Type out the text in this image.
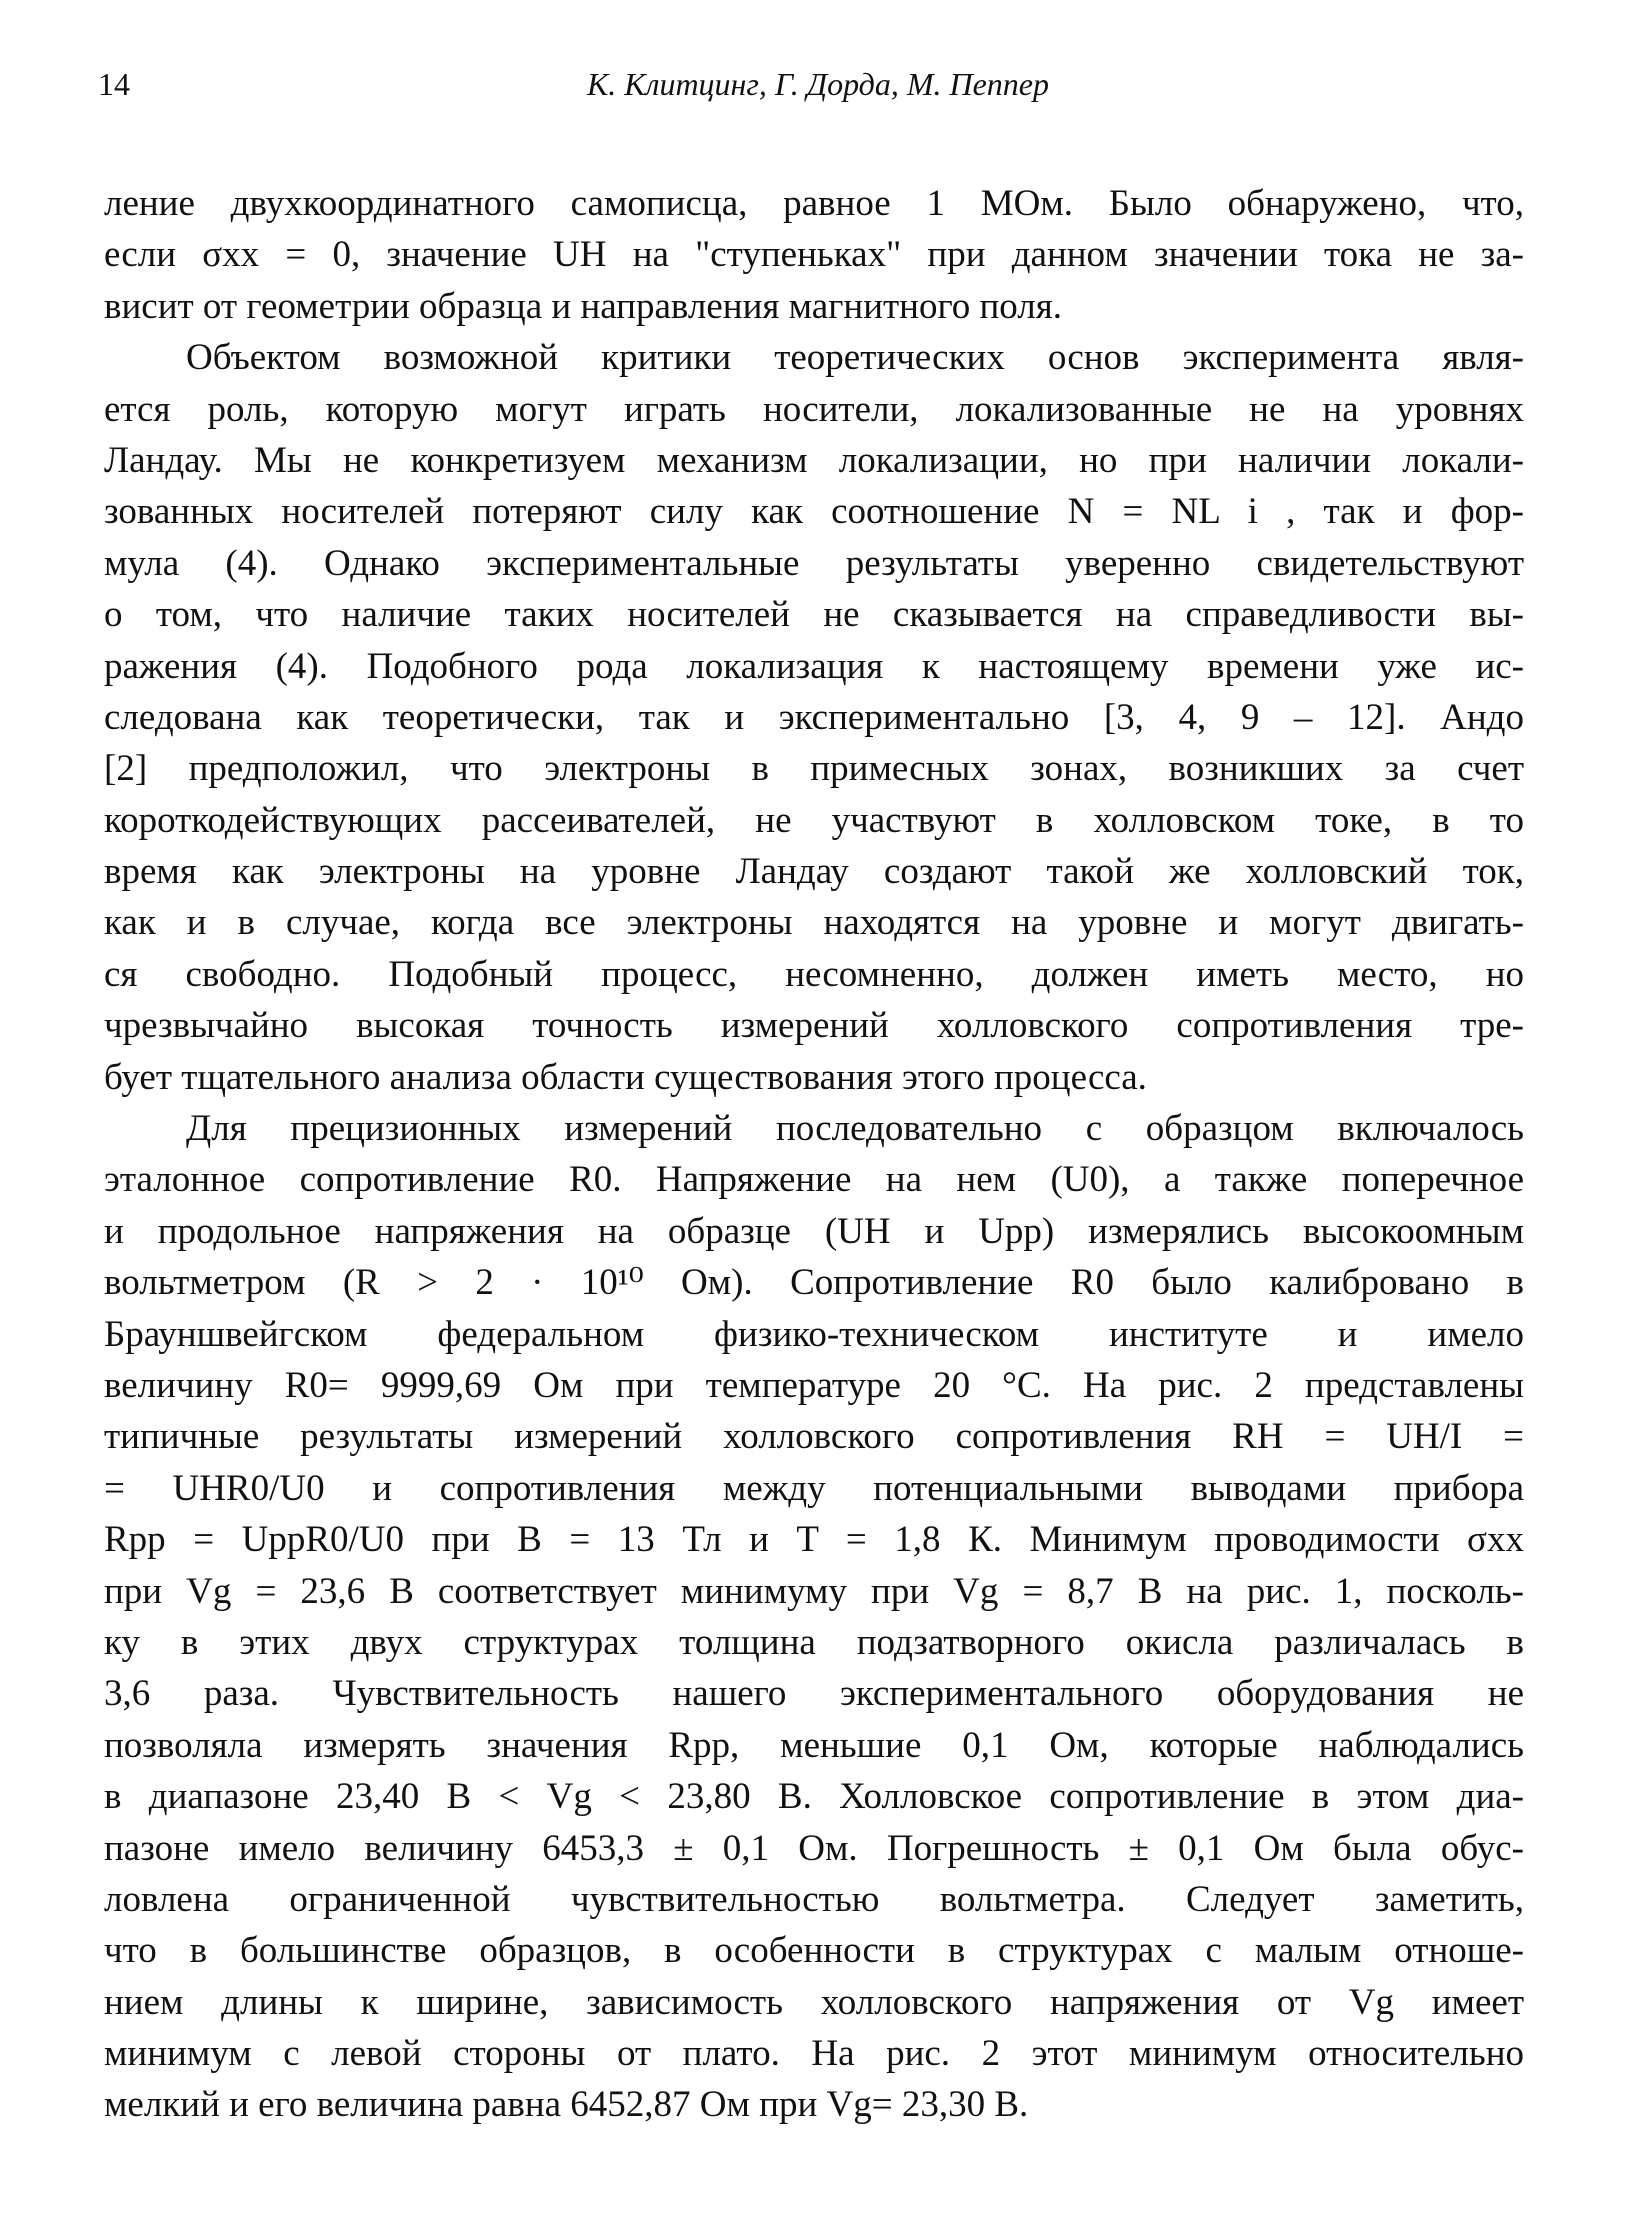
14	К. Клитцинг, Г. Дорда, М. Пеппер
ление двухкоординатного самописца, равное 1 МОм. Было обнаружено, что,
если σxx = 0, значение UH на "ступеньках" при данном значении тока не за-
висит от геометрии образца и направления магнитного поля.
Объектом возможной критики теоретических основ эксперимента явля-
ется роль, которую могут играть носители, локализованные не на уровнях
Ландау. Мы не конкретизуем механизм локализации, но при наличии локали-
зованных носителей потеряют силу как соотношение N = NL i , так и фор-
мула (4). Однако экспериментальные результаты уверенно свидетельствуют
о том, что наличие таких носителей не сказывается на справедливости вы-
ражения (4). Подобного рода локализация к настоящему времени уже ис-
следована как теоретически, так и экспериментально [3, 4, 9 – 12]. Андо
[2] предположил, что электроны в примесных зонах, возникших за счет
короткодействующих рассеивателей, не участвуют в холловском токе, в то
время как электроны на уровне Ландау создают такой же холловский ток,
как и в случае, когда все электроны находятся на уровне и могут двигать-
ся свободно. Подобный процесс, несомненно, должен иметь место, но
чрезвычайно высокая точность измерений холловского сопротивления тре-
бует тщательного анализа области существования этого процесса.
Для прецизионных измерений последовательно с образцом включалось
эталонное сопротивление R0. Напряжение на нем (U0), а также поперечное
и продольное напряжения на образце (UH и Upp) измерялись высокоомным
вольтметром (R > 2 · 10¹⁰ Ом). Сопротивление R0 было калибровано в
Брауншвейгском федеральном физико-техническом институте и имело
величину R0= 9999,69 Ом при температуре 20 °С. На рис. 2 представлены
типичные результаты измерений холловского сопротивления RH = UH/I =
= UHR0/U0 и сопротивления между потенциальными выводами прибора
Rpp = UppR0/U0 при B = 13 Тл и T = 1,8 К. Минимум проводимости σxx
при Vg = 23,6 В соответствует минимуму при Vg = 8,7 В на рис. 1, посколь-
ку в этих двух структурах толщина подзатворного окисла различалась в
3,6 раза. Чувствительность нашего экспериментального оборудования не
позволяла измерять значения Rpp, меньшие 0,1 Ом, которые наблюдались
в диапазоне 23,40 В < Vg < 23,80 В. Холловское сопротивление в этом диа-
пазоне имело величину 6453,3 ± 0,1 Ом. Погрешность ± 0,1 Ом была обус-
ловлена ограниченной чувствительностью вольтметра. Следует заметить,
что в большинстве образцов, в особенности в структурах с малым отноше-
нием длины к ширине, зависимость холловского напряжения от Vg имеет
минимум с левой стороны от плато. На рис. 2 этот минимум относительно
мелкий и его величина равна 6452,87 Ом при Vg= 23,30 В.
